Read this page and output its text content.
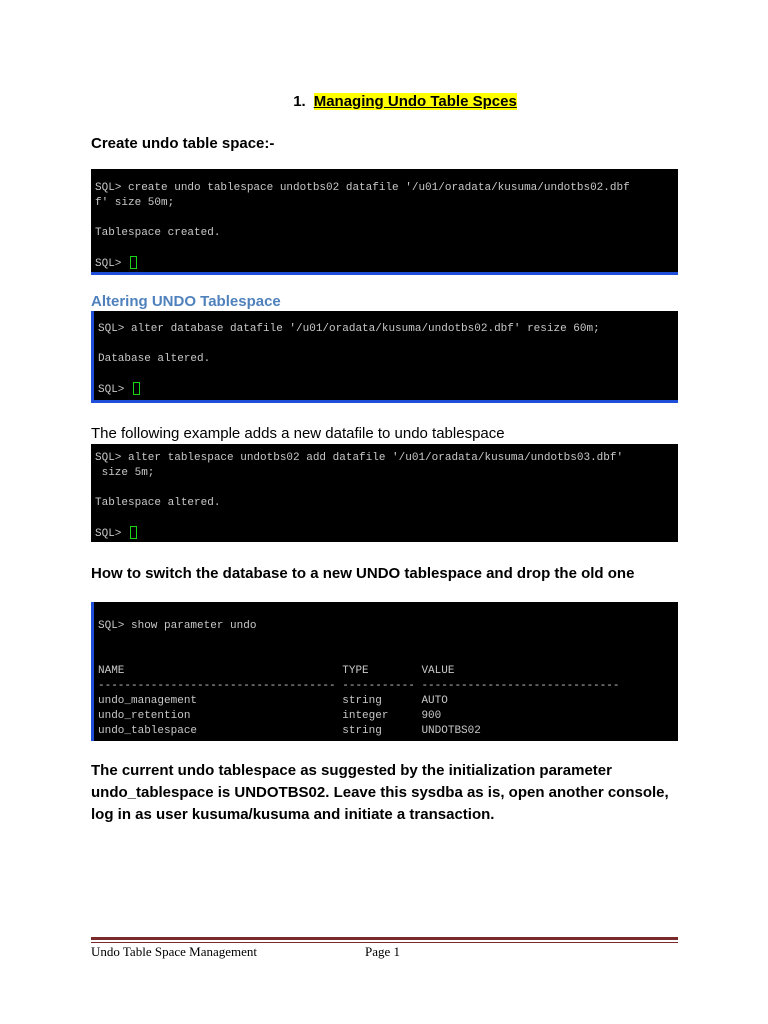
1. Managing Undo Table Spces
Create undo table space:-
SQL> create undo tablespace undotbs02 datafile '/u01/oradata/kusuma/undotbs02.dbf
f' size 50m;
Tablespace created.
SQL>
Altering UNDO Tablespace
SQL> alter database datafile '/u01/oradata/kusuma/undotbs02.dbf' resize 60m;
Database altered.
SQL>
The following example adds a new datafile to undo tablespace
SQL> alter tablespace undotbs02 add datafile '/u01/oradata/kusuma/undotbs03.dbf'
size 5m;
Tablespace altered.
SQL>
How to switch the database to a new UNDO tablespace and drop the old one
SQL> show parameter undo
NAME                                 TYPE        VALUE
------------------------------------ ----------- ------------------------------
undo_management                      string      AUTO
undo_retention                       integer     900
undo_tablespace                      string      UNDOTBS02
The current undo tablespace as suggested by the initialization parameter
undo_tablespace is UNDOTBS02. Leave this sysdba as is, open another console,
log in as user kusuma/kusuma and initiate a transaction.
Undo Table Space Management	Page 1
